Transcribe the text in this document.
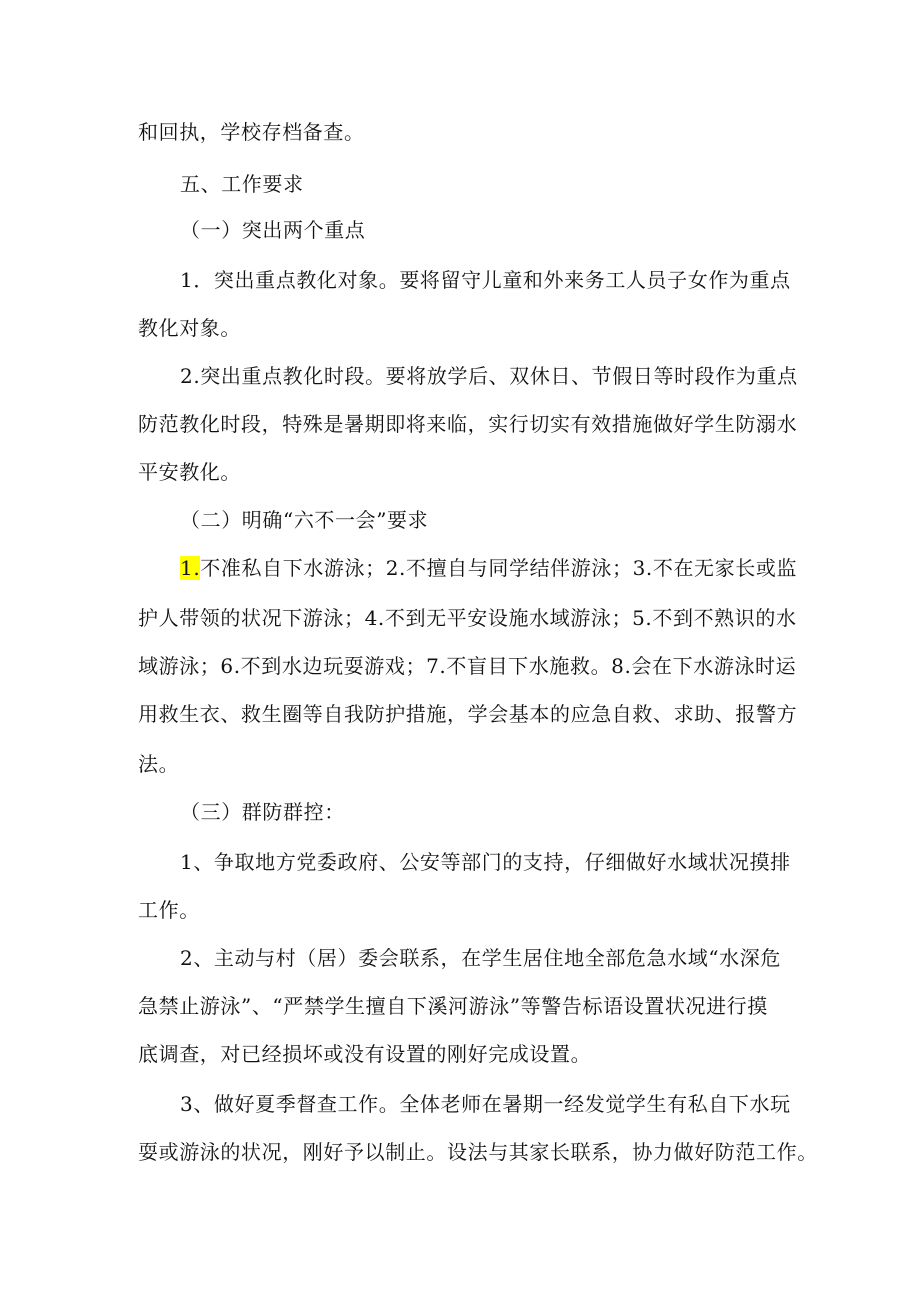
和回执，学校存档备查。
五、工作要求
（一）突出两个重点
1．突出重点教化对象。要将留守儿童和外来务工人员子女作为重点
教化对象。
2.突出重点教化时段。要将放学后、双休日、节假日等时段作为重点
防范教化时段，特殊是暑期即将来临，实行切实有效措施做好学生防溺水
平安教化。
（二）明确“六不一会”要求
1.不准私自下水游泳；2.不擅自与同学结伴游泳；3.不在无家长或监
护人带领的状况下游泳；4.不到无平安设施水域游泳；5.不到不熟识的水
域游泳；6.不到水边玩耍游戏；7.不盲目下水施救。8.会在下水游泳时运
用救生衣、救生圈等自我防护措施，学会基本的应急自救、求助、报警方
法。
（三）群防群控：
1、争取地方党委政府、公安等部门的支持，仔细做好水域状况摸排
工作。
2、主动与村（居）委会联系，在学生居住地全部危急水域“水深危
急禁止游泳”、“严禁学生擅自下溪河游泳”等警告标语设置状况进行摸
底调查，对已经损坏或没有设置的刚好完成设置。
3、做好夏季督查工作。全体老师在暑期一经发觉学生有私自下水玩
耍或游泳的状况，刚好予以制止。设法与其家长联系，协力做好防范工作。
